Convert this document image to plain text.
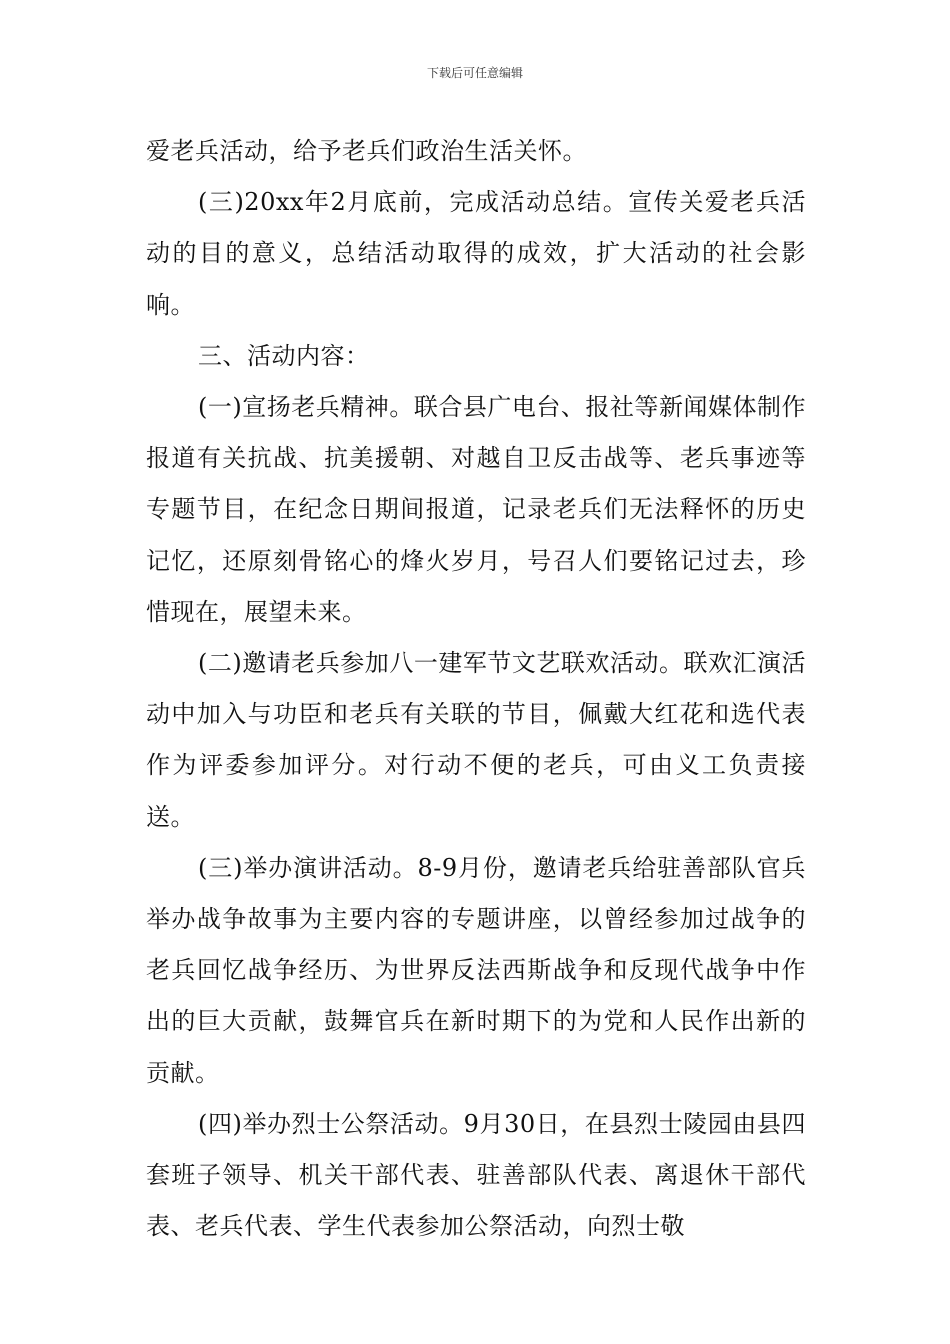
下载后可任意编辑

爱老兵活动，给予老兵们政治生活关怀。

(三)20xx年2月底前，完成活动总结。宣传关爱老兵活动的目的意义，总结活动取得的成效，扩大活动的社会影响。

三、活动内容：

(一)宣扬老兵精神。联合县广电台、报社等新闻媒体制作报道有关抗战、抗美援朝、对越自卫反击战等、老兵事迹等专题节目，在纪念日期间报道，记录老兵们无法释怀的历史记忆，还原刻骨铭心的烽火岁月，号召人们要铭记过去，珍惜现在，展望未来。

(二)邀请老兵参加八一建军节文艺联欢活动。联欢汇演活动中加入与功臣和老兵有关联的节目，佩戴大红花和选代表作为评委参加评分。对行动不便的老兵，可由义工负责接送。

(三)举办演讲活动。8-9月份，邀请老兵给驻善部队官兵举办战争故事为主要内容的专题讲座，以曾经参加过战争的老兵回忆战争经历、为世界反法西斯战争和反现代战争中作出的巨大贡献，鼓舞官兵在新时期下的为党和人民作出新的贡献。

(四)举办烈士公祭活动。9月30日，在县烈士陵园由县四套班子领导、机关干部代表、驻善部队代表、离退休干部代表、老兵代表、学生代表参加公祭活动，向烈士敬
